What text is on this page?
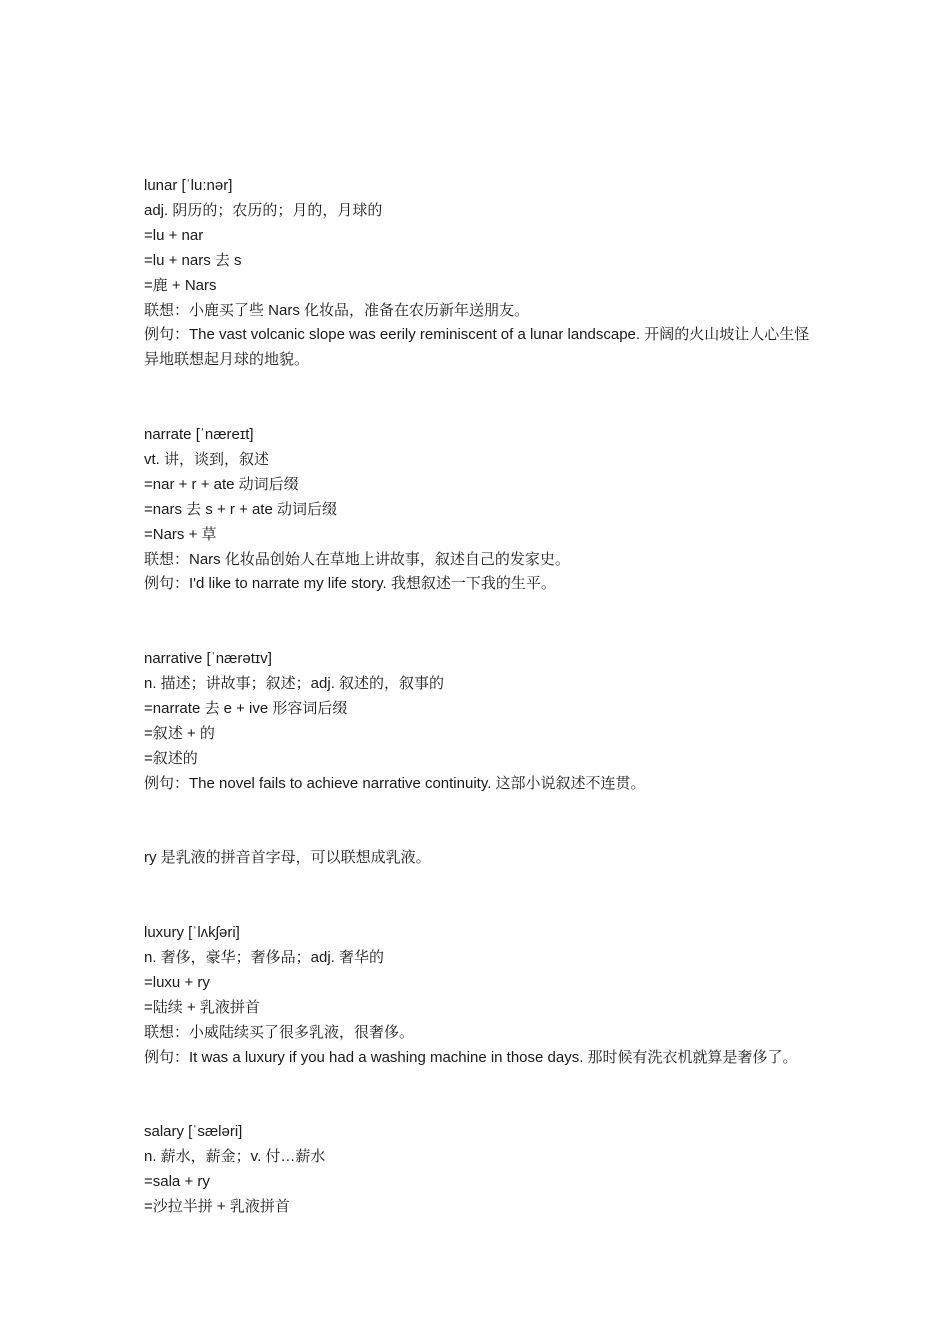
lunar [ˈlu:nər]
adj. 阴历的；农历的；月的，月球的
=lu + nar
=lu + nars 去 s
=鹿 + Nars
联想：小鹿买了些 Nars 化妆品，准备在农历新年送朋友。
例句：The vast volcanic slope was eerily reminiscent of a lunar landscape. 开阔的火山坡让人心生怪异地联想起月球的地貌。
narrate [ˈnæreɪt]
vt. 讲，谈到，叙述
=nar + r + ate 动词后缀
=nars 去 s + r + ate 动词后缀
=Nars + 草
联想：Nars 化妆品创始人在草地上讲故事，叙述自己的发家史。
例句：I'd like to narrate my life story. 我想叙述一下我的生平。
narrative [ˈnærətɪv]
n. 描述；讲故事；叙述；adj. 叙述的，叙事的
=narrate 去 e + ive 形容词后缀
=叙述 + 的
=叙述的
例句：The novel fails to achieve narrative continuity. 这部小说叙述不连贯。
ry 是乳液的拼音首字母，可以联想成乳液。
luxury [ˈlʌkʃəri]
n. 奢侈，豪华；奢侈品；adj. 奢华的
=luxu + ry
=陆续 + 乳液拼首
联想：小威陆续买了很多乳液，很奢侈。
例句：It was a luxury if you had a washing machine in those days. 那时候有洗衣机就算是奢侈了。
salary [ˈsæləri]
n. 薪水，薪金；v. 付…薪水
=sala + ry
=沙拉半拼 + 乳液拼首
